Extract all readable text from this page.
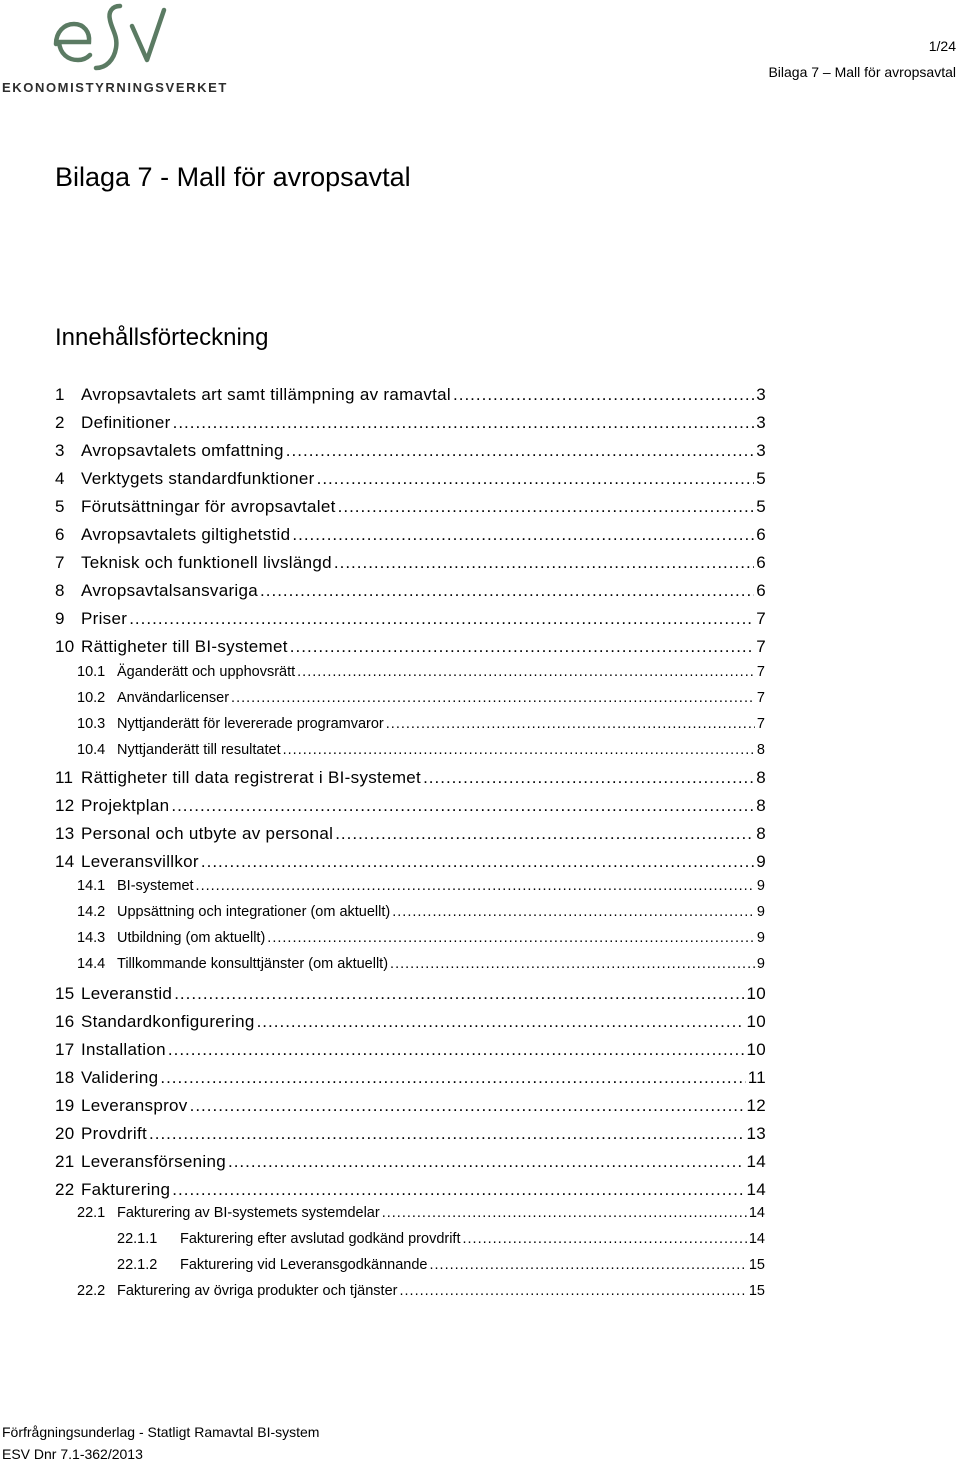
EKONOMISTYRNINGSVERKET
1/24
Bilaga 7 – Mall för avropsavtal
Bilaga 7 - Mall för avropsavtal
Innehållsförteckning
1 Avropsavtalets art samt tillämpning av ramavtal .....	3
2 Definitioner .....	3
3 Avropsavtalets omfattning .....	3
4 Verktygets standardfunktioner .....	5
5 Förutsättningar för avropsavtalet .....	5
6 Avropsavtalets giltighetstid .....	6
7 Teknisk och funktionell livslängd .....	6
8 Avropsavtalsansvariga .....	6
9 Priser .....	7
10 Rättigheter till BI-systemet .....	7
10.1 Äganderätt och upphovsrätt .....	7
10.2 Användarlicenser .....	7
10.3 Nyttjanderätt för levererade programvaror .....	7
10.4 Nyttjanderätt till resultatet .....	8
11 Rättigheter till data registrerat i BI-systemet .....	8
12 Projektplan .....	8
13 Personal och utbyte av personal .....	8
14 Leveransvillkor .....	9
14.1 BI-systemet .....	9
14.2 Uppsättning och integrationer (om aktuellt) .....	9
14.3 Utbildning (om aktuellt) .....	9
14.4 Tillkommande konsulttjänster (om aktuellt) .....	9
15 Leveranstid .....	10
16 Standardkonfigurering .....	10
17 Installation .....	10
18 Validering .....	11
19 Leveransprov .....	12
20 Provdrift .....	13
21 Leveransförsening .....	14
22 Fakturering .....	14
22.1 Fakturering av BI-systemets systemdelar .....	14
22.1.1	Fakturering efter avslutad godkänd provdrift .....	14
22.1.2	Fakturering vid Leveransgodkännande .....	15
22.2 Fakturering av övriga produkter och tjänster .....	15
Förfrågningsunderlag - Statligt Ramavtal BI-system
ESV Dnr 7.1-362/2013
